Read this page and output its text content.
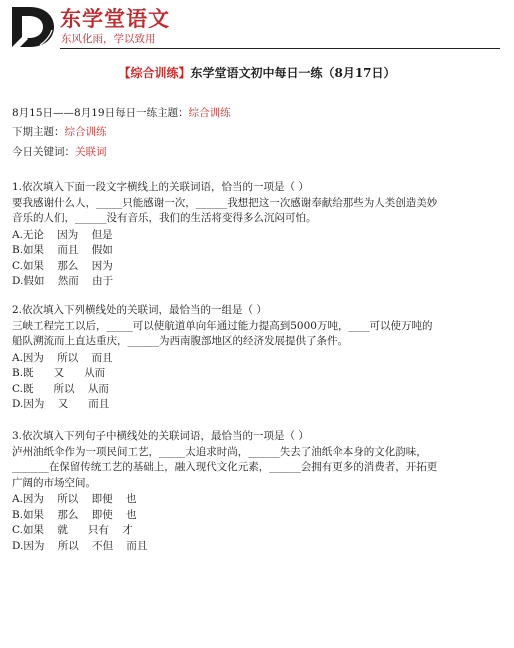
东学堂语文
东风化雨，学以致用
【综合训练】东学堂语文初中每日一练（8月17日）
8月15日——8月19日每日一练主题：综合训练
下期主题：综合训练
今日关键词：关联词
1.依次填入下面一段文字横线上的关联词语，恰当的一项是（ ）
要我感谢什么人，_____只能感谢一次，______我想把这一次感谢奉献给那些为人类创造美妙
音乐的人们，______没有音乐，我们的生活将变得多么沉闷可怕。
A.无论    因为    但是
B.如果    而且    假如
C.如果    那么    因为
D.假如    然而    由于
2.依次填入下列横线处的关联词，最恰当的一组是（ ）
三峡工程完工以后，_____可以使航道单向年通过能力提高到5000万吨，____可以使万吨的
船队溯流而上直达重庆，______为西南腹部地区的经济发展提供了条件。
A.因为    所以    而且
B.既      又      从而
C.既      所以    从而
D.因为    又      而且
3.依次填入下列句子中横线处的关联词语，最恰当的一项是（ ）
泸州油纸伞作为一项民间工艺，_____太追求时尚，______失去了油纸伞本身的文化韵味，
_______在保留传统工艺的基础上，融入现代文化元素，______会拥有更多的消费者，开拓更
广阔的市场空间。
A.因为    所以    即便    也
B.如果    那么    即使    也
C.如果    就      只有    才
D.因为    所以    不但    而且
